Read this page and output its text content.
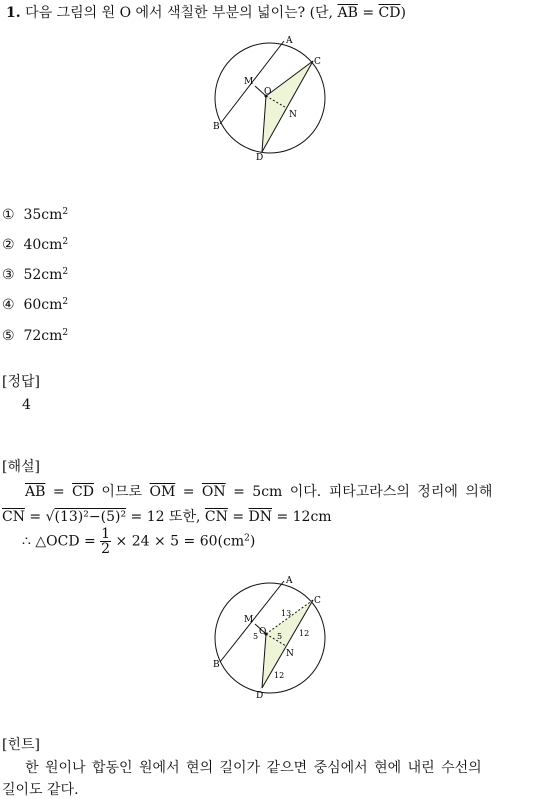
1. 다음 그림의 원 O 에서 색칠한 부분의 넓이는? (단, $\overline{AB} = \overline{CD}$)
A
C
M
O
N
B
D
① $35cm^2$
② $40cm^2$
③ $52cm^2$
④ $60cm^2$
⑤ $72cm^2$
[정답]
4
[해설]
$\overline{AB} = \overline{CD}$ 이므로 $\overline{OM} = \overline{ON} = 5cm$ 이다. 피타고라스의 정리에 의해
$\overline{CN} = √(13)^2-(5)^2 = 12$ 또한, $\overline{CN} = \overline{DN} = 12cm$
∴ △OCD = $\frac{1}{2} \times 24 \times 5 = 60(cm^2)$
A
C
M
O
N
B
D
13
5 5 12
12
[힌트]
한 원이나 합동인 원에서 현의 길이가 같으면 중심에서 현에 내린 수선의
길이도 같다.
